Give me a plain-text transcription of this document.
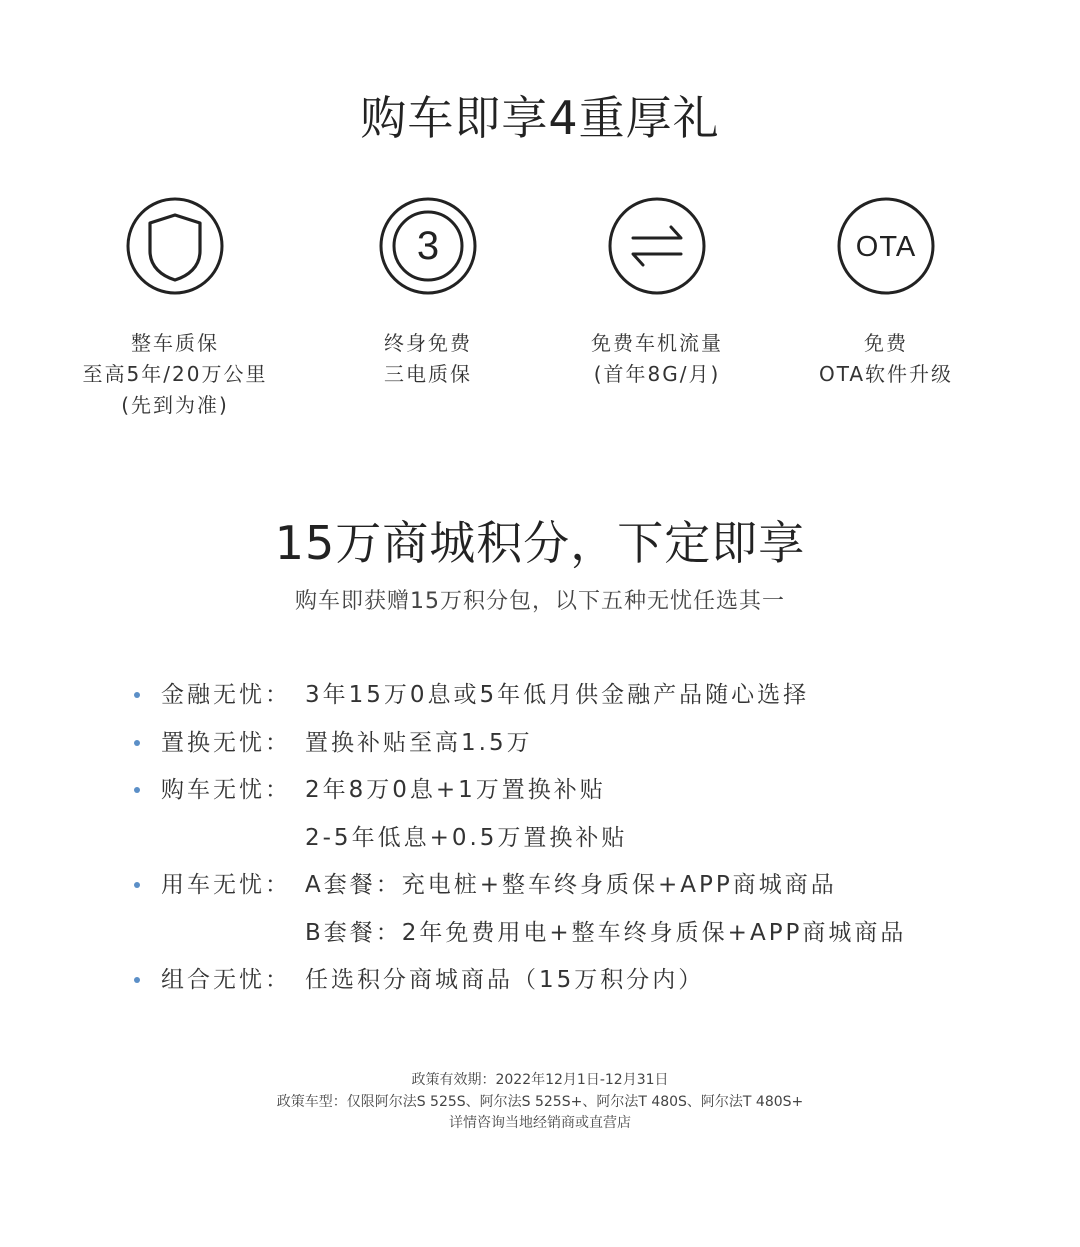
购车即享4重厚礼
整车质保
至高5年/20万公里
(先到为准)
3
终身免费
三电质保
免费车机流量
(首年8G/月)
OTA
免费
OTA软件升级
15万商城积分，下定即享
购车即获赠15万积分包，以下五种无忧任选其一
金融无忧： 3年15万0息或5年低月供金融产品随心选择
置换无忧： 置换补贴至高1.5万
购车无忧： 2年8万0息+1万置换补贴
2-5年低息+0.5万置换补贴
用车无忧： A套餐：充电桩+整车终身质保+APP商城商品
B套餐：2年免费用电+整车终身质保+APP商城商品
组合无忧： 任选积分商城商品（15万积分内）
政策有效期：2022年12月1日-12月31日
政策车型：仅限阿尔法S 525S、阿尔法S 525S+、阿尔法T 480S、阿尔法T 480S+
详情咨询当地经销商或直营店
